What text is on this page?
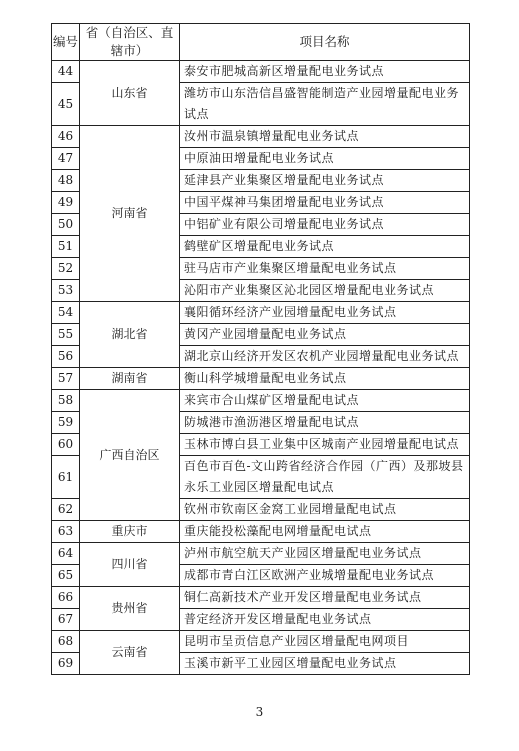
编号	省（自治区、直辖市）	项目名称
44	山东省	泰安市肥城高新区增量配电业务试点
45		潍坊市山东浩信昌盛智能制造产业园增量配电业务试点
46	河南省	汝州市温泉镇增量配电业务试点
47		中原油田增量配电业务试点
48		延津县产业集聚区增量配电业务试点
49		中国平煤神马集团增量配电业务试点
50		中铝矿业有限公司增量配电业务试点
51		鹤壁矿区增量配电业务试点
52		驻马店市产业集聚区增量配电业务试点
53		沁阳市产业集聚区沁北园区增量配电业务试点
54	湖北省	襄阳循环经济产业园增量配电业务试点
55		黄冈产业园增量配电业务试点
56		湖北京山经济开发区农机产业园增量配电业务试点
57	湖南省	衡山科学城增量配电业务试点
58	广西自治区	来宾市合山煤矿区增量配电试点
59		防城港市渔沥港区增量配电试点
60		玉林市博白县工业集中区城南产业园增量配电试点
61		百色市百色-文山跨省经济合作园（广西）及那坡县永乐工业园区增量配电试点
62		钦州市钦南区金窝工业园增量配电试点
63	重庆市	重庆能投松藻配电网增量配电试点
64	四川省	泸州市航空航天产业园区增量配电业务试点
65		成都市青白江区欧洲产业城增量配电业务试点
66	贵州省	铜仁高新技术产业开发区增量配电业务试点
67		普定经济开发区增量配电业务试点
68	云南省	昆明市呈贡信息产业园区增量配电网项目
69		玉溪市新平工业园区增量配电业务试点
3
